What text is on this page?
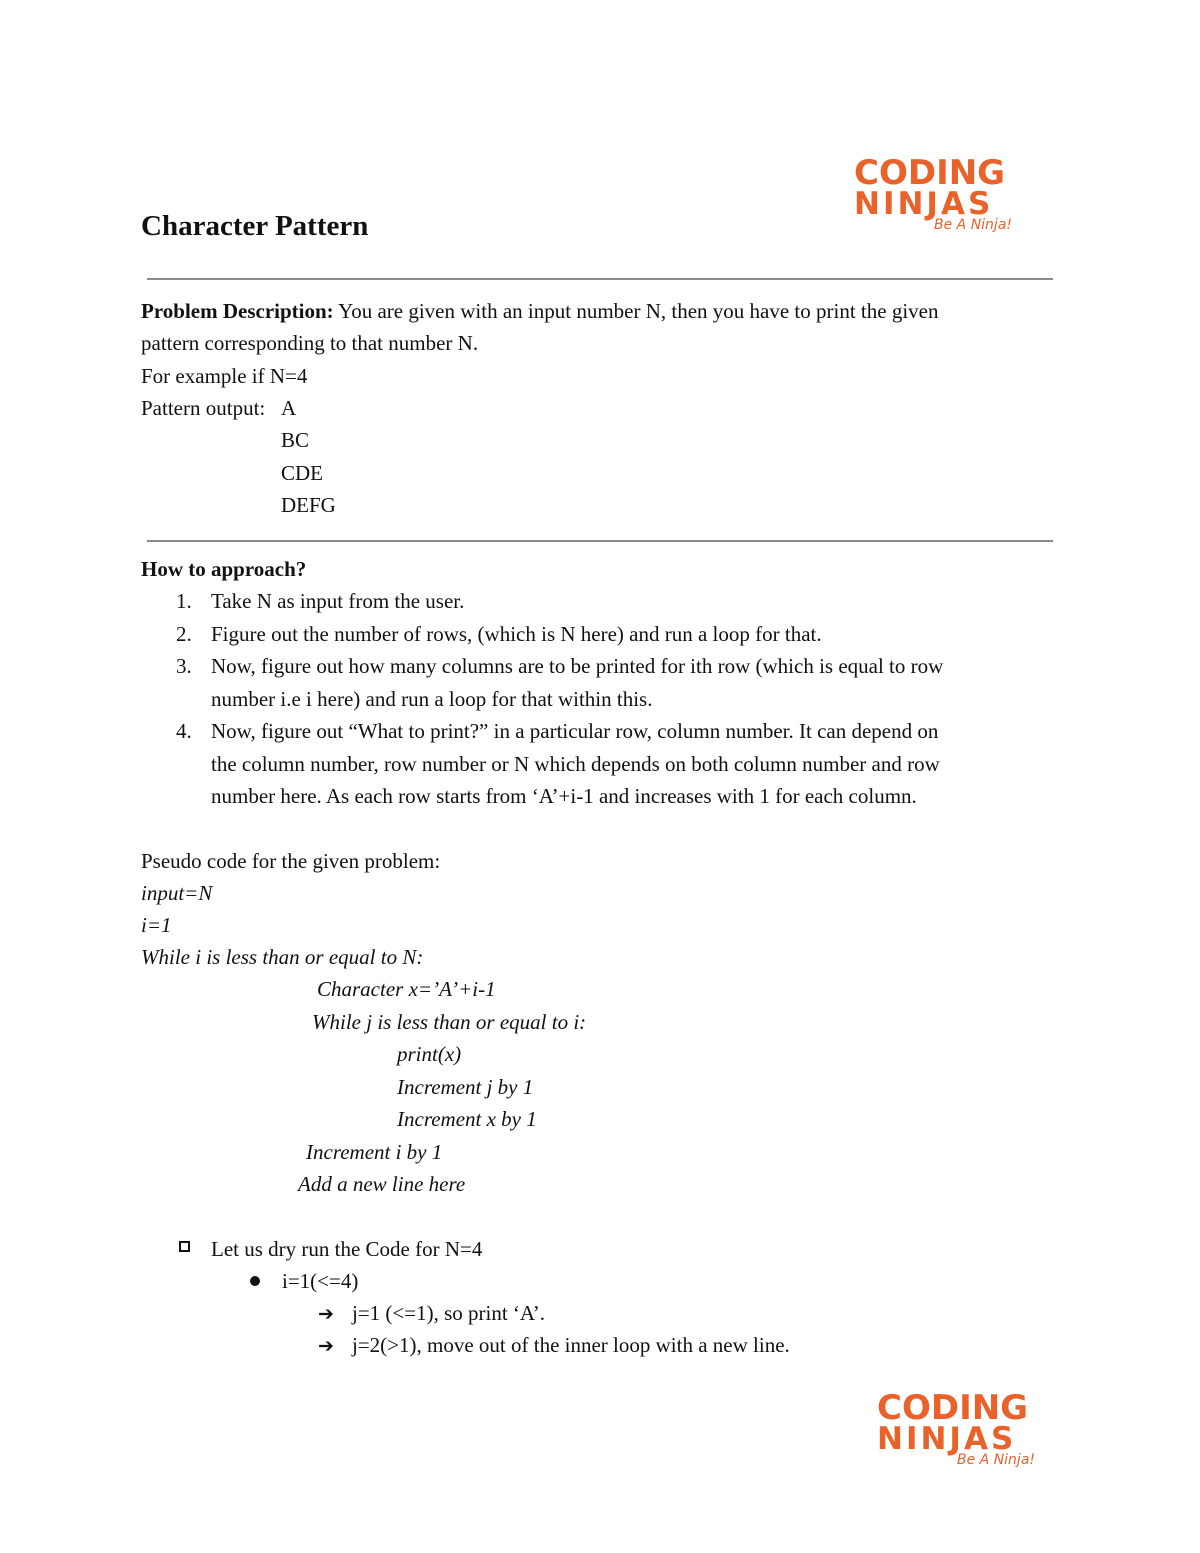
CODING
NINJAS
Be A Ninja!
Character Pattern
Problem Description: You are given with an input number N, then you have to print the given
pattern corresponding to that number N.
For example if N=4
Pattern output: A
BC
CDE
DEFG
How to approach?
1. Take N as input from the user.
2. Figure out the number of rows, (which is N here) and run a loop for that.
3. Now, figure out how many columns are to be printed for ith row (which is equal to row
number i.e i here) and run a loop for that within this.
4. Now, figure out “What to print?” in a particular row, column number. It can depend on
the column number, row number or N which depends on both column number and row
number here. As each row starts from ‘A’+i-1 and increases with 1 for each column.
Pseudo code for the given problem:
input=N
i=1
While i is less than or equal to N:
Character x=’A’+i-1
While j is less than or equal to i:
print(x)
Increment j by 1
Increment x by 1
Increment i by 1
Add a new line here
Let us dry run the Code for N=4
i=1(<=4)
➔ j=1 (<=1), so print ‘A’.
➔ j=2(>1), move out of the inner loop with a new line.
CODING
NINJAS
Be A Ninja!
